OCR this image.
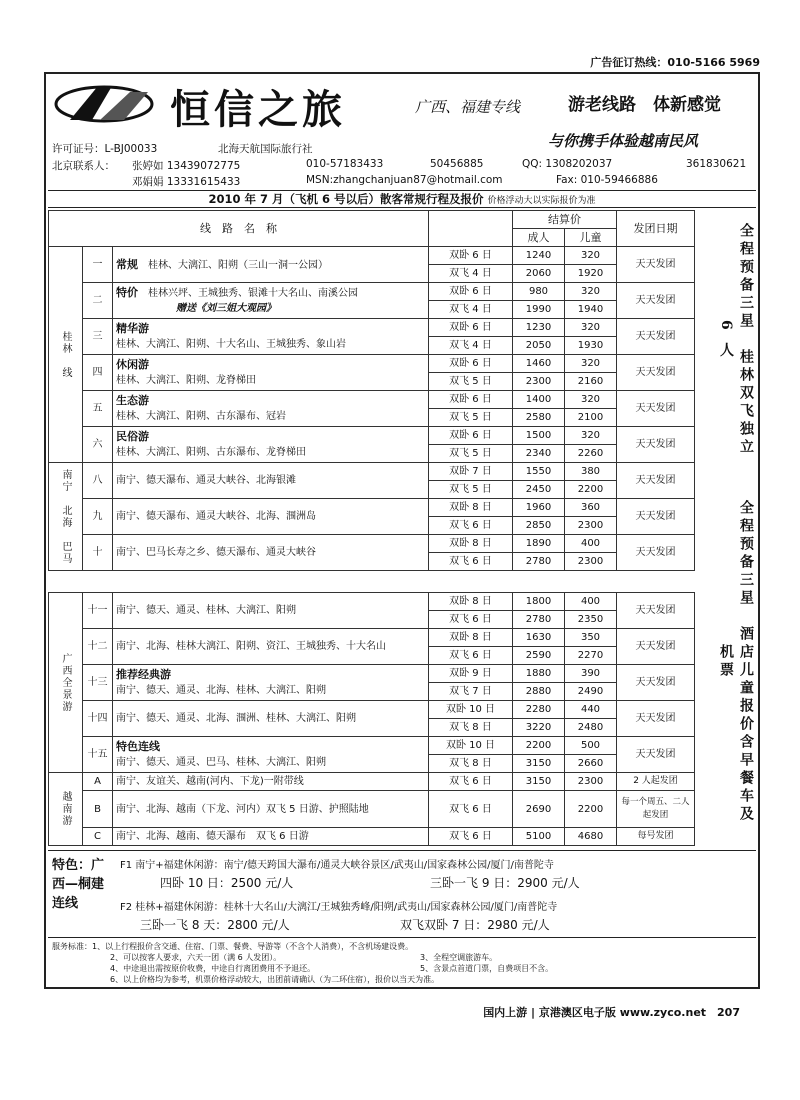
广告征订热线：010-5166 5969
恒信之旅	广西、福建专线	游老线路　体新感觉
与你携手体验越南民风
许可证号：L-BJ00033	北海天航国际旅行社
北京联系人： 张婷如 13439072775	010-57183433	50456885	QQ: 1308202037	361830621
邓娟娟 13331615433	MSN:zhangchanjuan87@hotmail.com	Fax: 010-59466886
2010 年 7 月（飞机 6 号以后）散客常规行程及报价 价格浮动大以实际报价为准
线　路　名　称				结算价		发团日期	
				成人	儿童		
桂林　线	一	常规　 桂林、大漓江、阳朔（三山一洞一公园）	双卧 6 日	1240	320	天天发团	
			双飞 4 日	2060	1920		
	二	特价　 桂林兴坪、王城独秀、银滩十大名山、南溪公园
赠送《刘三姐大观园》	双卧 6 日	980	320	天天发团	
			双飞 4 日	1990	1940		
	三	精华游
桂林、大漓江、阳朔、十大名山、王城独秀、象山岩	双卧 6 日	1230	320	天天发团	
			双飞 4 日	2050	1930		
	四	休闲游
桂林、大漓江、阳朔、龙脊梯田	双卧 6 日	1460	320	天天发团	
			双飞 5 日	2300	2160		
	五	生态游
桂林、大漓江、阳朔、古东瀑布、冠岩	双卧 6 日	1400	320	天天发团	
			双飞 5 日	2580	2100		
	六	民俗游
桂林、大漓江、阳朔、古东瀑布、龙脊梯田	双卧 6 日	1500	320	天天发团	
			双飞 5 日	2340	2260		
南宁　北海　巴马	八	南宁、德天瀑布、通灵大峡谷、北海银滩	双卧 7 日	1550	380	天天发团	
			双飞 5 日	2450	2200		
	九	南宁、德天瀑布、通灵大峡谷、北海、涠洲岛	双卧 8 日	1960	360	天天发团	
			双飞 6 日	2850	2300		
	十	南宁、巴马长寿之乡、德天瀑布、通灵大峡谷	双卧 8 日	1890	400	天天发团	
			双飞 6 日	2780	2300		
广西全景游	十一	南宁、德天、通灵、桂林、大漓江、阳朔	双卧 8 日	1800	400	天天发团	
			双飞 6 日	2780	2350		
	十二	南宁、北海、桂林大漓江、阳朔、资江、王城独秀、十大名山	双卧 8 日	1630	350	天天发团	
			双飞 6 日	2590	2270		
	十三	推荐经典游
南宁、德天、通灵、北海、桂林、大漓江、阳朔	双卧 9 日	1880	390	天天发团	
			双飞 7 日	2880	2490		
	十四	南宁、德天、通灵、北海、涠洲、桂林、大漓江、阳朔	双卧 10 日	2280	440	天天发团	
			双飞 8 日	3220	2480		
	十五	特色连线
南宁、德天、通灵、巴马、桂林、大漓江、阳朔	双卧 10 日	2200	500	天天发团	
			双飞 8 日	3150	2660		
越南游	A	南宁、友谊关、越南(河内、下龙)一附带线	双飞 6 日	3150	2300	2 人起发团	
	B	南宁、北海、越南（下龙、河内）双飞 5 日游、护照陆地	双飞 6 日	2690	2200	每一个周五、二人起发团	
	C	南宁、北海、越南、德天瀑布　双飞 6 日游	双飞 6 日	5100	4680	每号发团	
全程预备三星　桂林双飞独立 6 人
全程预备三星　酒店儿童报价含早餐车及机票
特色：广西—桐建连线
F1 南宁+福建休闲游：南宁/德天跨国大瀑布/通灵大峡谷景区/武夷山/国家森林公园/厦门/南普陀寺
四卧 10 日：2500 元/人	三卧一飞 9 日：2900 元/人
F2 桂林+福建休闲游：桂林十大名山/大漓江/王城独秀峰/阳朔/武夷山/国家森林公园/厦门/南普陀寺
三卧一飞 8 天：2800 元/人	双飞双卧 7 日：2980 元/人
服务标准：1、以上行程报价含交通、住宿、门票、餐费、导游等（不含个人消费），不含机场建设费。
2、可以按客人要求，六天一团（满 6 人发团）。	3、全程空调旅游车。
4、中途退出需按原价收费，中途自行离团费用不予退还。	5、含景点首道门票，自费项目不含。
6、以上价格均为参考，机票价格浮动较大，出团前请确认（为二环住宿），报价以当天为准。
国内上游 | 京港澳区电子版 www.zyco.net　207
